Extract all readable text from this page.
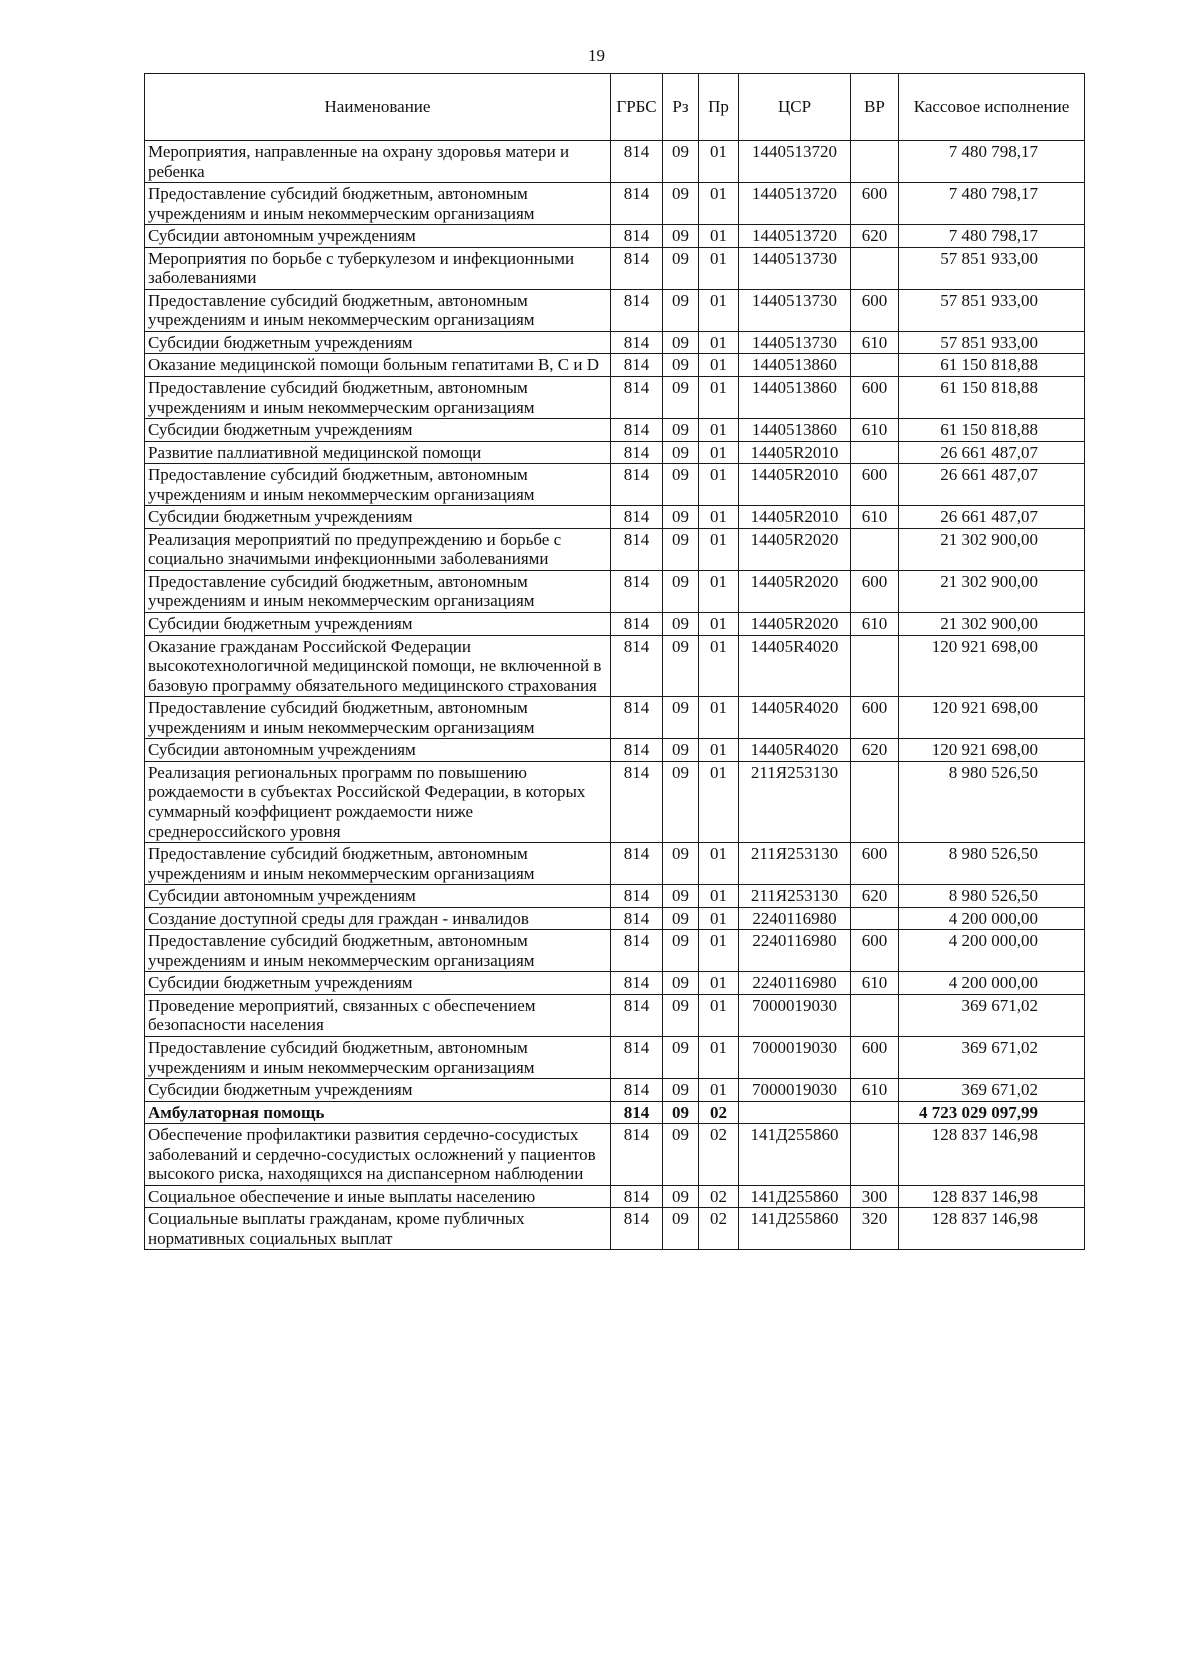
19
Наименование	ГРБС	Рз	Пр	ЦСР	ВР	Кассовое исполнение
Мероприятия, направленные на охрану здоровья матери и ребенка	814	09	01	1440513720		7 480 798,17
Предоставление субсидий бюджетным, автономным учреждениям и иным некоммерческим организациям	814	09	01	1440513720	600	7 480 798,17
Субсидии автономным учреждениям	814	09	01	1440513720	620	7 480 798,17
Мероприятия по борьбе с туберкулезом и инфекционными заболеваниями	814	09	01	1440513730		57 851 933,00
Предоставление субсидий бюджетным, автономным учреждениям и иным некоммерческим организациям	814	09	01	1440513730	600	57 851 933,00
Субсидии бюджетным учреждениям	814	09	01	1440513730	610	57 851 933,00
Оказание медицинской помощи больным гепатитами В, С и D	814	09	01	1440513860		61 150 818,88
Предоставление субсидий бюджетным, автономным учреждениям и иным некоммерческим организациям	814	09	01	1440513860	600	61 150 818,88
Субсидии бюджетным учреждениям	814	09	01	1440513860	610	61 150 818,88
Развитие паллиативной медицинской помощи	814	09	01	14405R2010		26 661 487,07
Предоставление субсидий бюджетным, автономным учреждениям и иным некоммерческим организациям	814	09	01	14405R2010	600	26 661 487,07
Субсидии бюджетным учреждениям	814	09	01	14405R2010	610	26 661 487,07
Реализация мероприятий по предупреждению и борьбе с социально значимыми инфекционными заболеваниями	814	09	01	14405R2020		21 302 900,00
Предоставление субсидий бюджетным, автономным учреждениям и иным некоммерческим организациям	814	09	01	14405R2020	600	21 302 900,00
Субсидии бюджетным учреждениям	814	09	01	14405R2020	610	21 302 900,00
Оказание гражданам Российской Федерации высокотехнологичной медицинской помощи, не включенной в базовую программу обязательного медицинского страхования	814	09	01	14405R4020		120 921 698,00
Предоставление субсидий бюджетным, автономным учреждениям и иным некоммерческим организациям	814	09	01	14405R4020	600	120 921 698,00
Субсидии автономным учреждениям	814	09	01	14405R4020	620	120 921 698,00
Реализация региональных программ по повышению рождаемости в субъектах Российской Федерации, в которых суммарный коэффициент рождаемости ниже среднероссийского уровня	814	09	01	211Я253130		8 980 526,50
Предоставление субсидий бюджетным, автономным учреждениям и иным некоммерческим организациям	814	09	01	211Я253130	600	8 980 526,50
Субсидии автономным учреждениям	814	09	01	211Я253130	620	8 980 526,50
Создание доступной среды для граждан - инвалидов	814	09	01	2240116980		4 200 000,00
Предоставление субсидий бюджетным, автономным учреждениям и иным некоммерческим организациям	814	09	01	2240116980	600	4 200 000,00
Субсидии бюджетным учреждениям	814	09	01	2240116980	610	4 200 000,00
Проведение мероприятий, связанных с обеспечением безопасности населения	814	09	01	7000019030		369 671,02
Предоставление субсидий бюджетным, автономным учреждениям и иным некоммерческим организациям	814	09	01	7000019030	600	369 671,02
Субсидии бюджетным учреждениям	814	09	01	7000019030	610	369 671,02
Амбулаторная помощь	814	09	02			4 723 029 097,99
Обеспечение профилактики развития сердечно-сосудистых заболеваний и сердечно-сосудистых осложнений у пациентов высокого риска, находящихся на диспансерном наблюдении	814	09	02	141Д255860		128 837 146,98
Социальное обеспечение и иные выплаты населению	814	09	02	141Д255860	300	128 837 146,98
Социальные выплаты гражданам, кроме публичных нормативных социальных выплат	814	09	02	141Д255860	320	128 837 146,98
